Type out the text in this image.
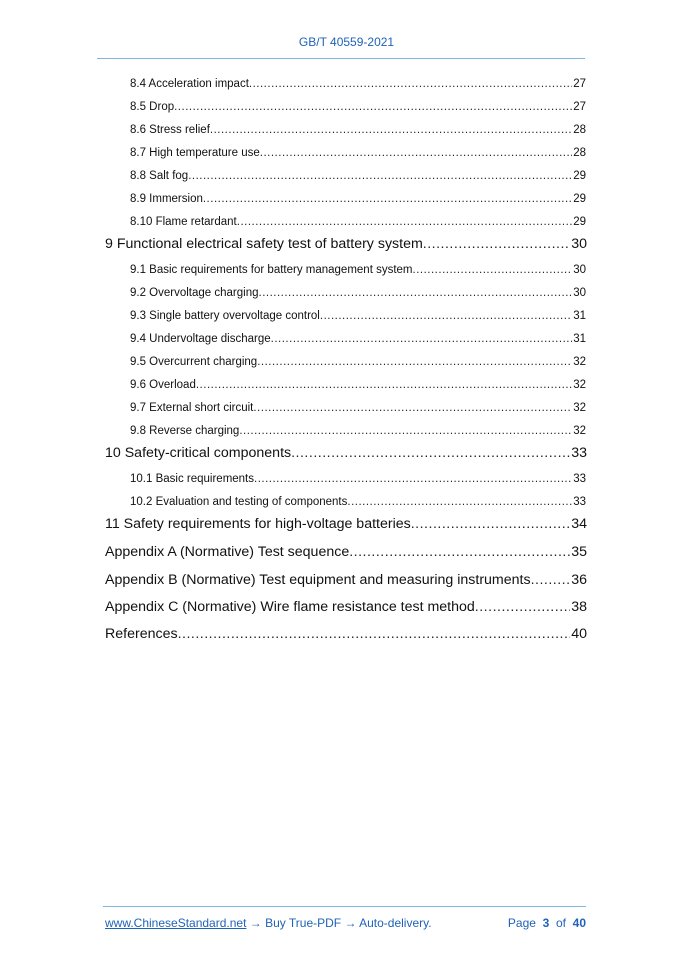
GB/T 40559-2021
8.4 Acceleration impact .....	27
8.5 Drop .....	27
8.6 Stress relief .....	28
8.7 High temperature use .....	28
8.8 Salt fog .....	29
8.9 Immersion .....	29
8.10 Flame retardant .....	29
9 Functional electrical safety test of battery system .....	30
9.1 Basic requirements for battery management system .....	30
9.2 Overvoltage charging .....	30
9.3 Single battery overvoltage control .....	31
9.4 Undervoltage discharge .....	31
9.5 Overcurrent charging .....	32
9.6 Overload .....	32
9.7 External short circuit .....	32
9.8 Reverse charging .....	32
10 Safety-critical components .....	33
10.1 Basic requirements .....	33
10.2 Evaluation and testing of components .....	33
11 Safety requirements for high-voltage batteries .....	34
Appendix A (Normative) Test sequence .....	35
Appendix B (Normative) Test equipment and measuring instruments .....	36
Appendix C (Normative) Wire flame resistance test method .....	38
References .....	40
www.ChineseStandard.net → Buy True-PDF → Auto-delivery.	Page 3 of 40
